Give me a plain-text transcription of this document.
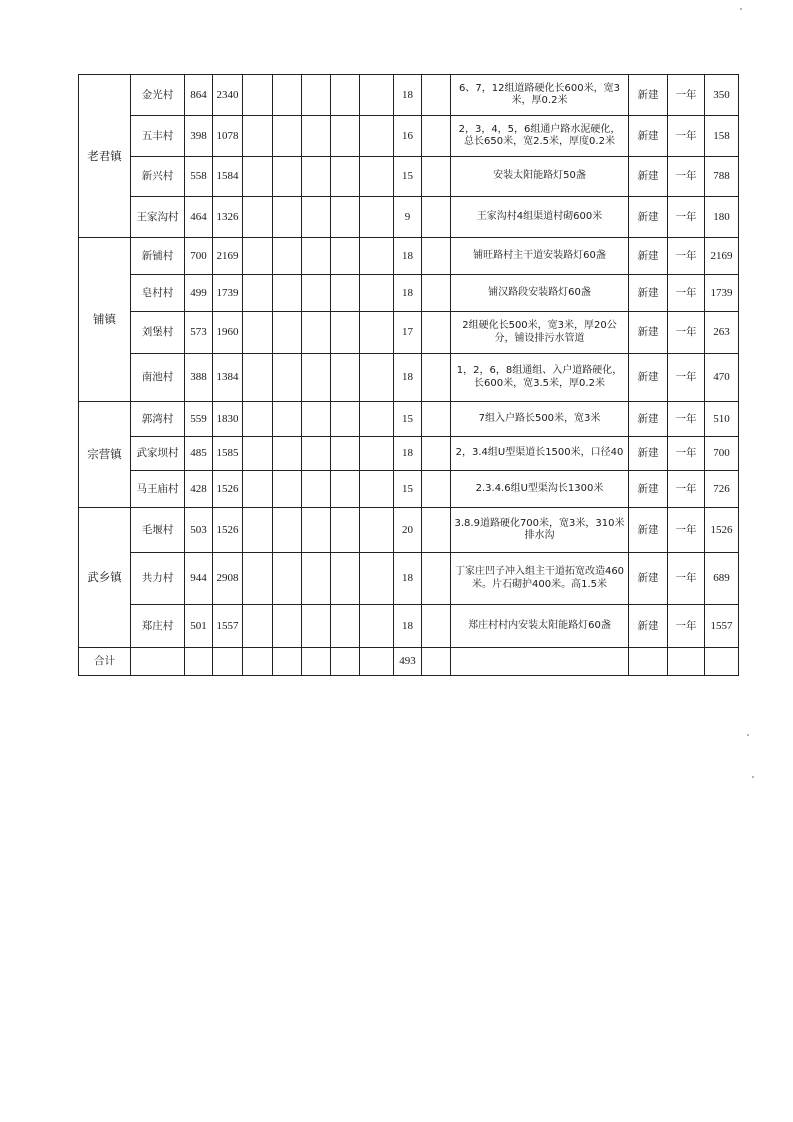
老君镇	金光村	864	2340						18		6、7，12组道路硬化长600米，宽3米，厚0.2米	新建	一年	350
	五丰村	398	1078						16		2，3，4，5，6组通户路水泥硬化，总长650米，宽2.5米，厚度0.2米	新建	一年	158
	新兴村	558	1584						15		安装太阳能路灯50盏	新建	一年	788
	王家沟村	464	1326						9		王家沟村4组渠道村砌600米	新建	一年	180
铺镇	新铺村	700	2169						18		铺旺路村主干道安装路灯60盏	新建	一年	2169
	皂村村	499	1739						18		铺汉路段安装路灯60盏	新建	一年	1739
	刘堡村	573	1960						17		2组硬化长500米，宽3米，厚20公分，铺设排污水管道	新建	一年	263
	南池村	388	1384						18		1，2，6，8组通组、入户道路硬化，长600米，宽3.5米，厚0.2米	新建	一年	470
宗营镇	郭湾村	559	1830						15		7组入户路长500米，宽3米	新建	一年	510
	武家坝村	485	1585						18		2，3.4组U型渠道长1500米，口径40	新建	一年	700
	马王庙村	428	1526						15		2.3.4.6组U型渠沟长1300米	新建	一年	726
武乡镇	毛堰村	503	1526						20		3.8.9道路硬化700米，宽3米，310米排水沟	新建	一年	1526
	共力村	944	2908						18		丁家庄凹子冲入组主干道拓宽改造460米。片石砌护400米。高1.5米	新建	一年	689
	郑庄村	501	1557						18		郑庄村村内安装太阳能路灯60盏	新建	一年	1557
合计									493					
